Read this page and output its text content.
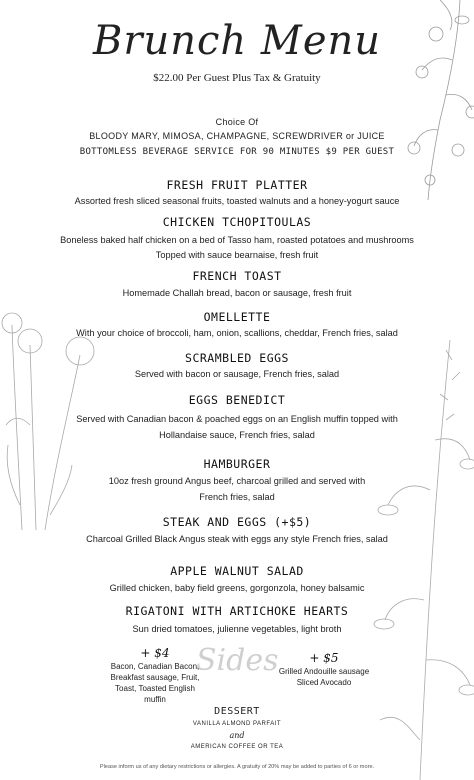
Brunch Menu
$22.00 Per Guest Plus Tax & Gratuity
Choice Of
BLOODY MARY, MIMOSA, CHAMPAGNE, SCREWDRIVER or JUICE
BOTTOMLESS BEVERAGE SERVICE FOR 90 MINUTES $9 PER GUEST
FRESH FRUIT PLATTER
Assorted fresh sliced seasonal fruits, toasted walnuts and a honey-yogurt sauce
CHICKEN TCHOPITOULAS
Boneless baked half chicken on a bed of Tasso ham, roasted potatoes and mushrooms
Topped with sauce bearnaise, fresh fruit
FRENCH TOAST
Homemade Challah bread, bacon or sausage, fresh fruit
OMELLETTE
With your choice of broccoli, ham, onion, scallions, cheddar, French fries, salad
SCRAMBLED EGGS
Served with bacon or sausage, French fries, salad
EGGS BENEDICT
Served with Canadian bacon & poached eggs on an English muffin topped with
Hollandaise sauce, French fries, salad
HAMBURGER
10oz fresh ground Angus beef, charcoal grilled and served with
French fries, salad
STEAK AND EGGS (+$5)
Charcoal Grilled Black Angus steak with eggs any style French fries, salad
APPLE WALNUT SALAD
Grilled chicken, baby field greens, gorgonzola, honey balsamic
RIGATONI WITH ARTICHOKE HEARTS
Sun dried tomatoes, julienne vegetables, light broth
Sides
+ $4
Bacon, Canadian Bacon,
Breakfast sausage, Fruit,
Toast, Toasted English
muffin
+ $5
Grilled Andouille sausage
Sliced Avocado
DESSERT
VANILLA ALMOND PARFAIT
and
AMERICAN COFFEE OR TEA
Please inform us of any dietary restrictions or allergies. A gratuity of 20% may be added to parties of 6 or more.
